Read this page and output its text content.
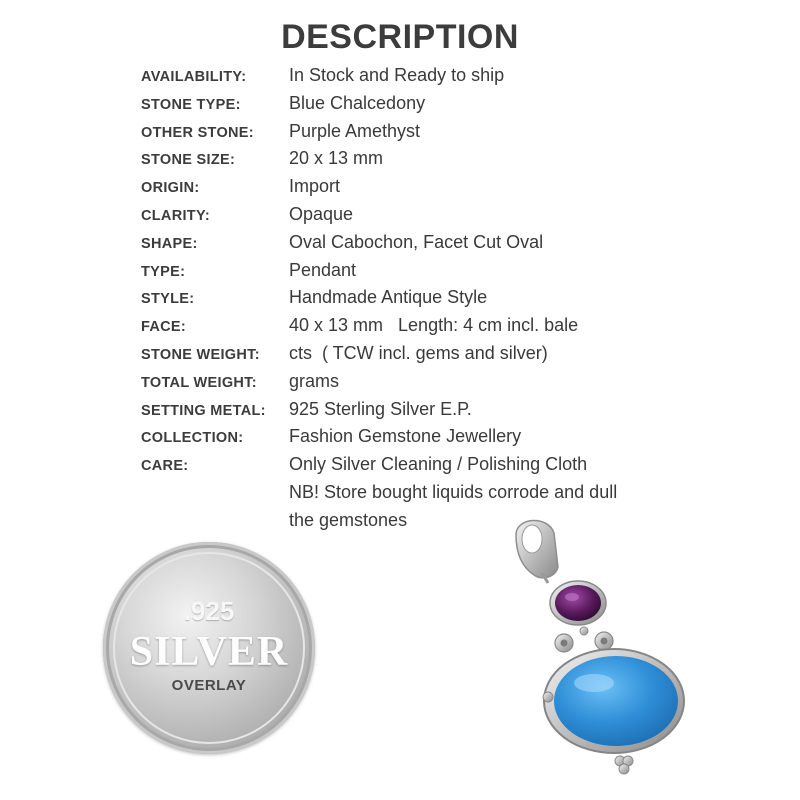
DESCRIPTION
AVAILABILITY: In Stock and Ready to ship
STONE TYPE:	Blue Chalcedony
OTHER STONE: Purple Amethyst
STONE SIZE:	20 x 13 mm
ORIGIN:	Import
CLARITY:	Opaque
SHAPE:	Oval Cabochon, Facet Cut Oval
TYPE:	Pendant
STYLE:	Handmade Antique Style
FACE:	40 x 13 mm   Length: 4 cm incl. bale
STONE WEIGHT: cts  ( TCW incl. gems and silver)
TOTAL WEIGHT: grams
SETTING METAL: 925 Sterling Silver E.P.
COLLECTION:	Fashion Gemstone Jewellery
CARE:	Only Silver Cleaning / Polishing Cloth
NB! Store bought liquids corrode and dull
the gemstones
.925
SILVER
OVERLAY
